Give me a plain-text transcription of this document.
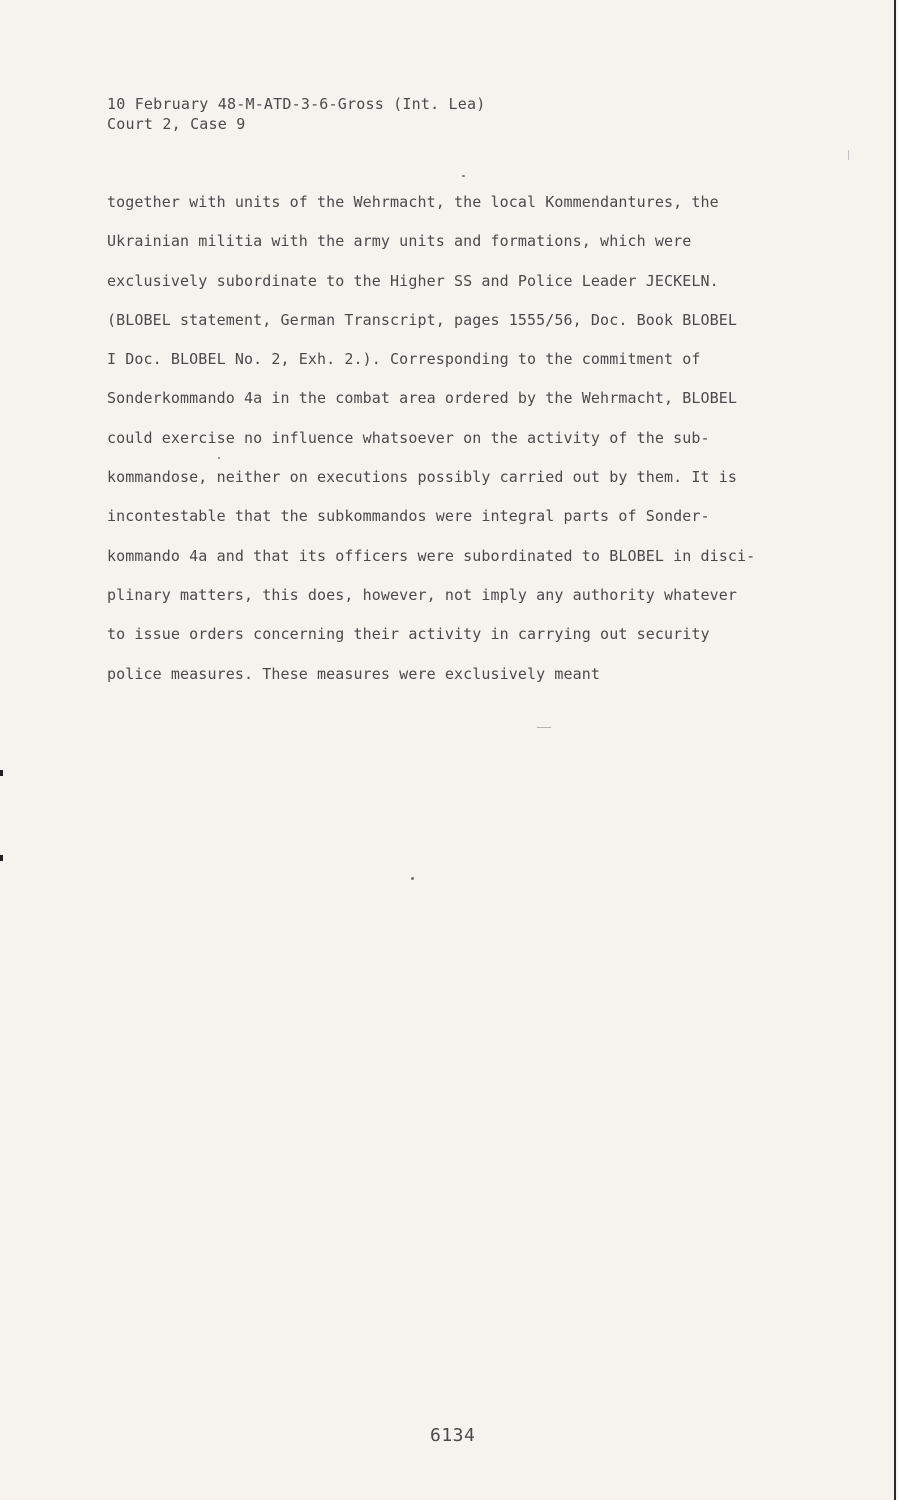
10 February 48-M-ATD-3-6-Gross (Int. Lea)
Court 2, Case 9
together with units of the Wehrmacht, the local Kommendantures, the
Ukrainian militia with the army units and formations, which were
exclusively subordinate to the Higher SS and Police Leader JECKELN.
(BLOBEL statement, German Transcript, pages 1555/56, Doc. Book BLOBEL
I Doc. BLOBEL No. 2, Exh. 2.). Corresponding to the commitment of
Sonderkommando 4a in the combat area ordered by the Wehrmacht, BLOBEL
could exercise no influence whatsoever on the activity of the sub-
kommandose, neither on executions possibly carried out by them. It is
incontestable that the subkommandos were integral parts of Sonder-
kommando 4a and that its officers were subordinated to BLOBEL in disci-
plinary matters, this does, however, not imply any authority whatever
to issue orders concerning their activity in carrying out security
police measures. These measures were exclusively meant
6134
